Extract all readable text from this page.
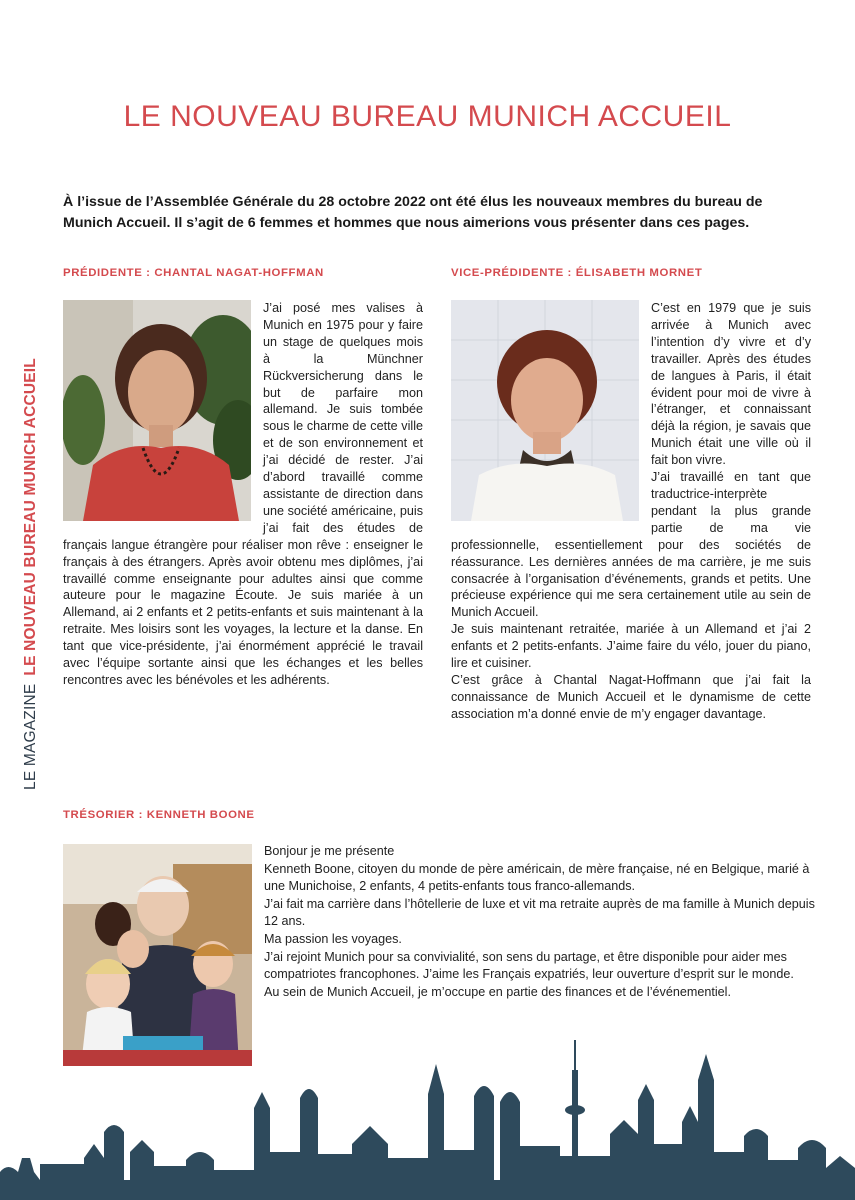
LE MAGAZINELE NOUVEAU BUREAU MUNICH ACCUEIL
LE NOUVEAU BUREAU MUNICH ACCUEIL
À l’issue de l’Assemblée Générale du 28 octobre 2022 ont été élus les nouveaux membres du bureau de Munich Accueil. Il s’agit de 6 femmes et hommes que nous aimerions vous présenter dans ces pages.
PRÉDIDENTE : CHANTAL NAGAT-HOFFMAN

J’ai posé mes valises à Munich en 1975 pour y faire un stage de quelques mois à la Münchner Rückversicherung dans le but de parfaire mon allemand. Je suis tombée sous le charme de cette ville et de son environnement et j’ai décidé de rester. J’ai d’abord travaillé comme assistante de direction dans une société américaine, puis j’ai fait des études de français langue étrangère pour réaliser mon rêve : enseigner le français à des étrangers. Après avoir obtenu mes diplômes, j’ai travaillé comme enseignante pour adultes ainsi que comme auteure pour le magazine Écoute. Je suis mariée à un Allemand, ai 2 enfants et 2 petits-enfants et suis maintenant à la retraite. Mes loisirs sont les voyages, la lecture et la danse. En tant que vice-présidente, j’ai énormément apprécié le travail avec l’équipe sortante ainsi que les échanges et les belles rencontres avec les bénévoles et les adhérents.

VICE-PRÉDIDENTE : ÉLISABETH MORNET

C’est en 1979 que je suis arrivée à Munich avec l’intention d’y vivre et d’y travailler. Après des études de langues à Paris, il était évident pour moi de vivre à l’étranger, et connaissant déjà la région, je savais que Munich était une ville où il fait bon vivre.

J’ai travaillé en tant que traductrice-interprète pendant la plus grande partie de ma vie professionnelle, essentiellement pour des sociétés de réassurance. Les dernières années de ma carrière, je me suis consacrée à l’organisation d’événements, grands et petits. Une précieuse expérience qui me sera certainement utile au sein de Munich Accueil.

Je suis maintenant retraitée, mariée à un Allemand et j’ai 2 enfants et 2 petits-enfants. J’aime faire du vélo, jouer du piano, lire et cuisiner.

C’est grâce à Chantal Nagat-Hoffmann que j’ai fait la connaissance de Munich Accueil et le dynamisme de cette association m’a donné envie de m’y engager davantage.

TRÉSORIER : KENNETH BOONE

Bonjour je me présente

Kenneth Boone, citoyen du monde de père américain, de mère française, né en Belgique, marié à une Munichoise, 2 enfants, 4 petits-enfants tous franco-allemands.

J’ai fait ma carrière dans l’hôtellerie de luxe et vit ma retraite auprès de ma famille à Munich depuis 12 ans.

Ma passion les voyages.

J’ai rejoint Munich pour sa convivialité, son sens du partage, et être disponible pour aider mes compatriotes francophones. J’aime les Français expatriés, leur ouverture d’esprit sur le monde.

Au sein de Munich Accueil, je m’occupe en partie des finances et de l’événementiel.
